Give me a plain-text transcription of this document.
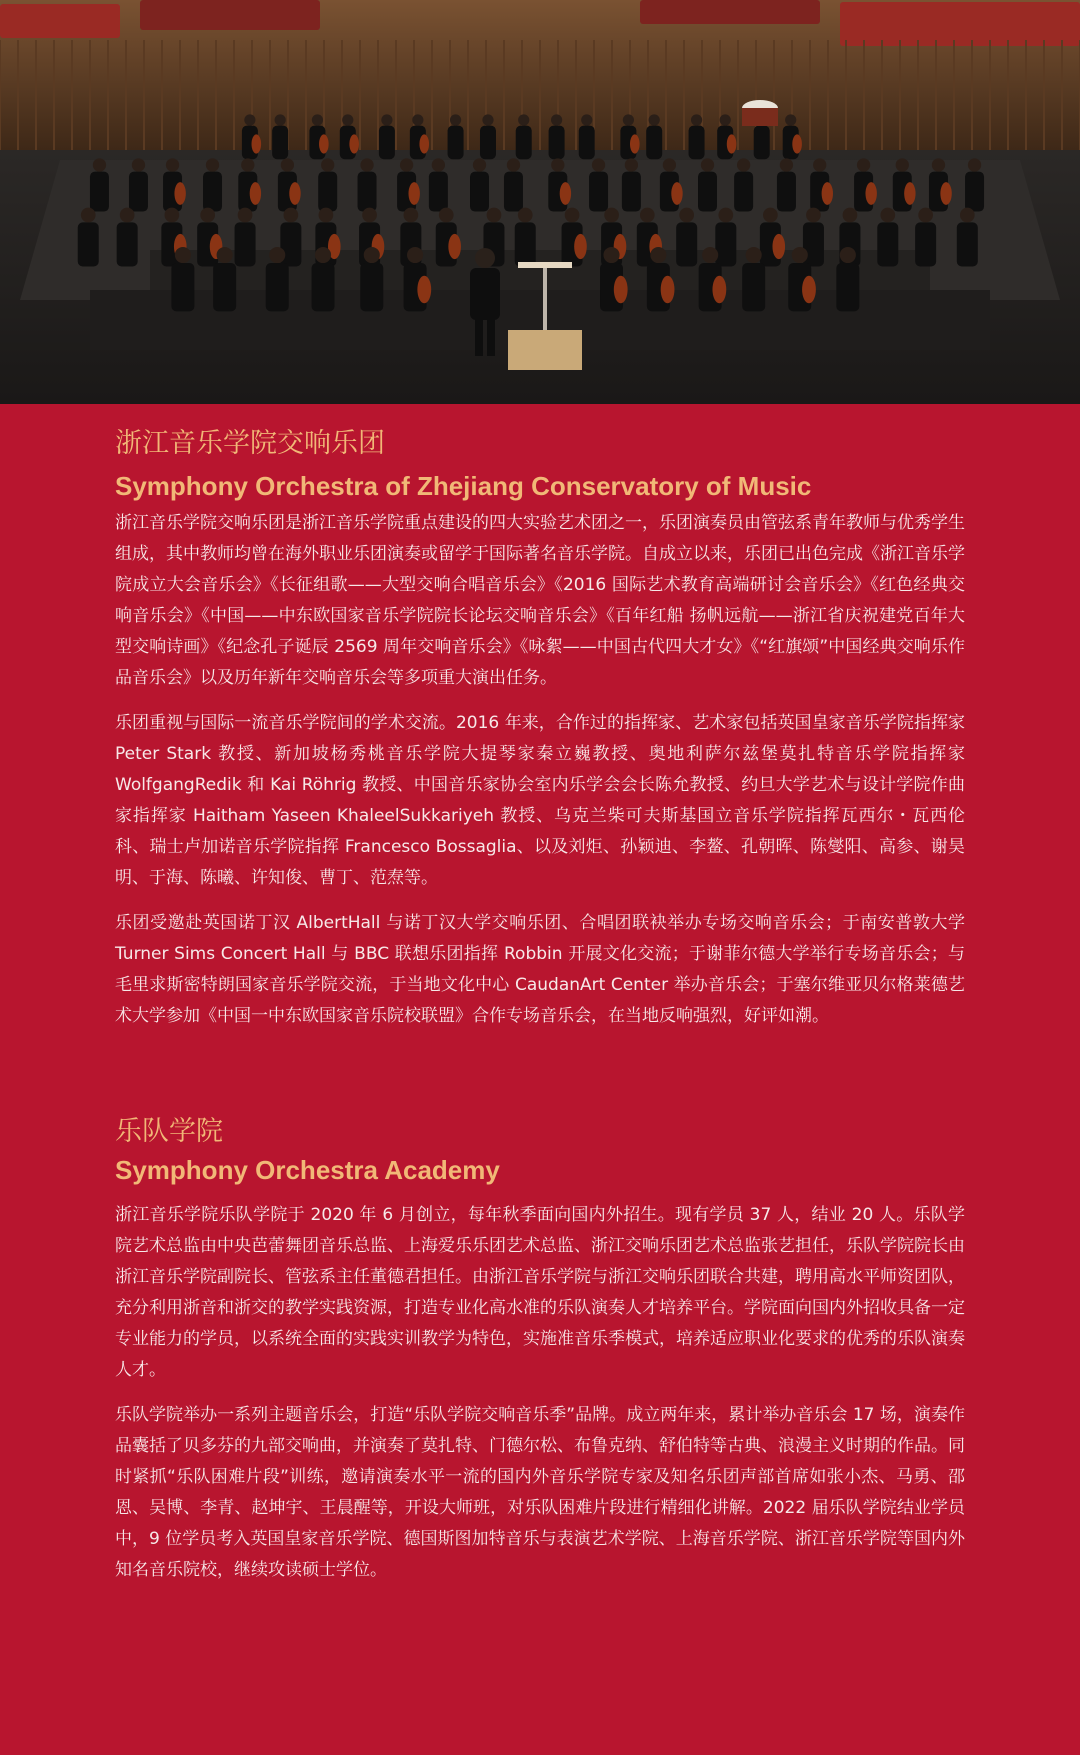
浙江音乐学院交响乐团
Symphony Orchestra of Zhejiang Conservatory of Music

浙江音乐学院交响乐团是浙江音乐学院重点建设的四大实验艺术团之一，乐团演奏员由管弦系青年教师与优秀学生组成，其中教师均曾在海外职业乐团演奏或留学于国际著名音乐学院。自成立以来，乐团已出色完成《浙江音乐学院成立大会音乐会》《长征组歌——大型交响合唱音乐会》《2016 国际艺术教育高端研讨会音乐会》《红色经典交响音乐会》《中国——中东欧国家音乐学院院长论坛交响音乐会》《百年红船 扬帆远航——浙江省庆祝建党百年大型交响诗画》《纪念孔子诞辰 2569 周年交响音乐会》《咏絮——中国古代四大才女》《“红旗颂”中国经典交响乐作品音乐会》以及历年新年交响音乐会等多项重大演出任务。

乐团重视与国际一流音乐学院间的学术交流。2016 年来，合作过的指挥家、艺术家包括英国皇家音乐学院指挥家 Peter Stark 教授、新加坡杨秀桃音乐学院大提琴家秦立巍教授、奥地利萨尔兹堡莫扎特音乐学院指挥家 WolfgangRedik 和 Kai Röhrig 教授、中国音乐家协会室内乐学会会长陈允教授、约旦大学艺术与设计学院作曲家指挥家 Haitham Yaseen KhaleelSukkariyeh 教授、乌克兰柴可夫斯基国立音乐学院指挥瓦西尔・瓦西伦科、瑞士卢加诺音乐学院指挥 Francesco Bossaglia、以及刘炬、孙颖迪、李鳌、孔朝晖、陈燮阳、高参、谢昊明、于海、陈曦、许知俊、曹丁、范焘等。

乐团受邀赴英国诺丁汉 AlbertHall 与诺丁汉大学交响乐团、合唱团联袂举办专场交响音乐会；于南安普敦大学 Turner Sims Concert Hall 与 BBC 联想乐团指挥 Robbin 开展文化交流；于谢菲尔德大学举行专场音乐会；与毛里求斯密特朗国家音乐学院交流，于当地文化中心 CaudanArt Center 举办音乐会；于塞尔维亚贝尔格莱德艺术大学参加《中国一中东欧国家音乐院校联盟》合作专场音乐会，在当地反响强烈，好评如潮。

乐队学院
Symphony Orchestra Academy

浙江音乐学院乐队学院于 2020 年 6 月创立，每年秋季面向国内外招生。现有学员 37 人，结业 20 人。乐队学院艺术总监由中央芭蕾舞团音乐总监、上海爱乐乐团艺术总监、浙江交响乐团艺术总监张艺担任，乐队学院院长由浙江音乐学院副院长、管弦系主任董德君担任。由浙江音乐学院与浙江交响乐团联合共建，聘用高水平师资团队，充分利用浙音和浙交的教学实践资源，打造专业化高水准的乐队演奏人才培养平台。学院面向国内外招收具备一定专业能力的学员，以系统全面的实践实训教学为特色，实施准音乐季模式，培养适应职业化要求的优秀的乐队演奏人才。

乐队学院举办一系列主题音乐会，打造“乐队学院交响音乐季”品牌。成立两年来，累计举办音乐会 17 场，演奏作品囊括了贝多芬的九部交响曲，并演奏了莫扎特、门德尔松、布鲁克纳、舒伯特等古典、浪漫主义时期的作品。同时紧抓“乐队困难片段”训练，邀请演奏水平一流的国内外音乐学院专家及知名乐团声部首席如张小杰、马勇、邵恩、吴博、李青、赵坤宇、王晨醒等，开设大师班，对乐队困难片段进行精细化讲解。2022 届乐队学院结业学员中，9 位学员考入英国皇家音乐学院、德国斯图加特音乐与表演艺术学院、上海音乐学院、浙江音乐学院等国内外知名音乐院校，继续攻读硕士学位。
